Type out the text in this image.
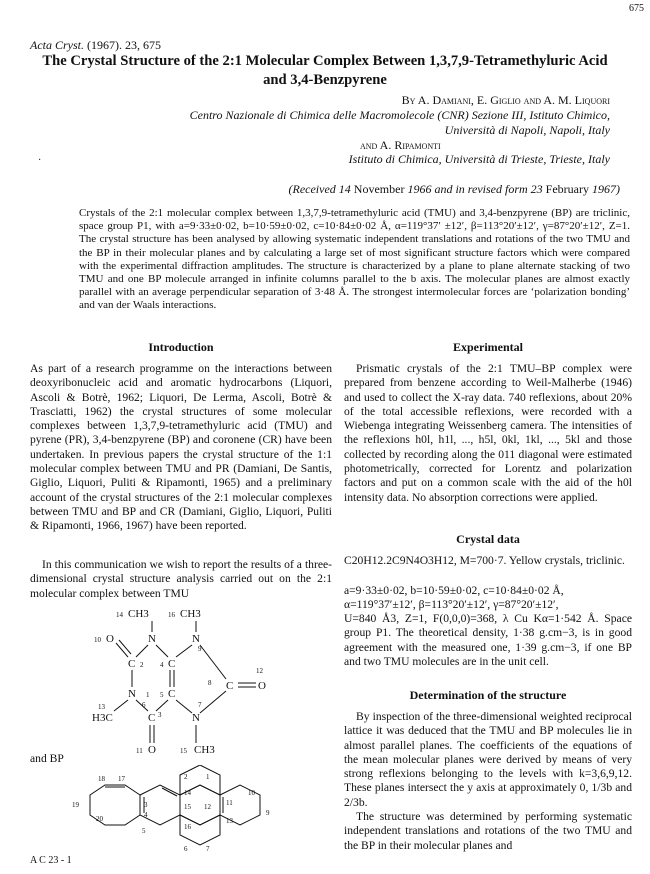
675
Acta Cryst. (1967). 23, 675
The Crystal Structure of the 2:1 Molecular Complex Between 1,3,7,9-Tetramethyluric Acid
and 3,4-Benzpyrene
By A. Damiani, E. Giglio and A. M. Liquori
Centro Nazionale di Chimica delle Macromolecole (CNR) Sezione III, Istituto Chimico,
Università di Napoli, Napoli, Italy
and A. Ripamonti
·	Istituto di Chimica, Università di Trieste, Trieste, Italy
(Received 14 November 1966 and in revised form 23 February 1967)
Crystals of the 2:1 molecular complex between 1,3,7,9-tetramethyluric acid (TMU) and 3,4-benzpyrene (BP) are triclinic, space group P1, with a=9·33±0·02, b=10·59±0·02, c=10·84±0·02 Å, α=119°37′ ±12′, β=113°20′±12′, γ=87°20′±12′, Z=1. The crystal structure has been analysed by allowing systematic independent translations and rotations of the two TMU and the BP in their molecular planes and by calculating a large set of most significant structure factors which were compared with the experimental diffraction amplitudes. The structure is characterized by a plane to plane alternate stacking of two TMU and one BP molecule arranged in infinite columns parallel to the b axis. The molecular planes are almost exactly parallel with an average perpendicular separation of 3·48 Å. The strongest intermolecular forces are ‘polarization bonding’ and van der Waals interactions.
Introduction
As part of a research programme on the interactions between deoxyribonucleic acid and aromatic hydrocarbons (Liquori, Ascoli & Botrè, 1962; Liquori, De Lerma, Ascoli, Botrè & Trasciatti, 1962) the crystal structures of some molecular complexes between 1,3,7,9-tetramethyluric acid (TMU) and pyrene (PR), 3,4-benzpyrene (BP) and coronene (CR) have been undertaken. In previous papers the crystal structure of the 1:1 molecular complex between TMU and PR (Damiani, De Santis, Giglio, Liquori, Puliti & Ripamonti, 1965) and a preliminary account of the crystal structures of the 2:1 molecular complexes between TMU and BP and CR (Damiani, Giglio, Liquori, Puliti & Ripamonti, 1966, 1967) have been reported.
In this communication we wish to report the results of a three-dimensional crystal structure analysis carried out on the 2:1 molecular complex between TMU
14 CH3	16 CH3
10 O	N	N
9
C 2 4 C
12
8 C O
N 1 5 C
13	6	7
H3C	C 3	N
O
11	15 CH3
and BP
18 17
19	3
4
20
5
2	1
14
15 12
16
6	7
10
11
13
9
Experimental
Prismatic crystals of the 2:1 TMU–BP complex were prepared from benzene according to Weil-Malherbe (1946) and used to collect the X-ray data. 740 reflexions, about 20% of the total accessible reflexions, were recorded with a Wiebenga integrating Weissenberg camera. The intensities of the reflexions h0l, h1l, ..., h5l, 0kl, 1kl, ..., 5kl and those collected by recording along the 011 diagonal were estimated photometrically, corrected for Lorentz and polarization factors and put on a common scale with the aid of the h0l intensity data. No absorption corrections were applied.
Crystal data
C20H12.2C9N4O3H12, M=700·7. Yellow crystals, triclinic.
a=9·33±0·02, b=10·59±0·02, c=10·84±0·02 Å,
α=119°37′±12′, β=113°20′±12′, γ=87°20′±12′,
U=840 Å3, Z=1, F(0,0,0)=368, λ Cu Kα=1·542 Å. Space group P1. The theoretical density, 1·38 g.cm−3, is in good agreement with the measured one, 1·39 g.cm−3, if one BP and two TMU molecules are in the unit cell.
Determination of the structure
By inspection of the three-dimensional weighted reciprocal lattice it was deduced that the TMU and BP molecules lie in almost parallel planes. The coefficients of the equations of the mean molecular planes were derived by means of very strong reflexions belonging to the levels with k=3,6,9,12. These planes intersect the y axis at approximately 0, 1/3b and 2/3b.
The structure was determined by performing systematic independent translations and rotations of the two TMU and the BP in their molecular planes and
A C 23 - 1
